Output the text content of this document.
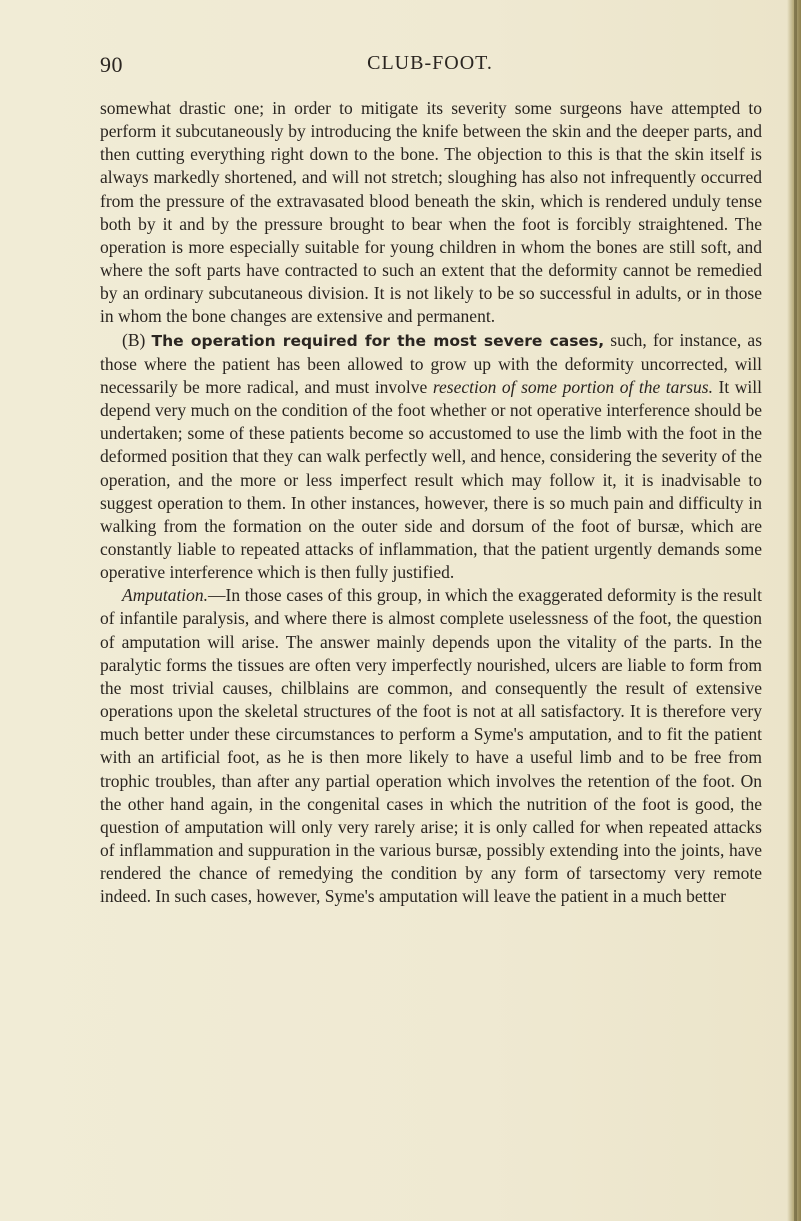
90	CLUB-FOOT.

somewhat drastic one; in order to mitigate its severity some surgeons have attempted to perform it subcutaneously by introducing the knife between the skin and the deeper parts, and then cutting everything right down to the bone. The objection to this is that the skin itself is always markedly shortened, and will not stretch; sloughing has also not infrequently occurred from the pressure of the extravasated blood beneath the skin, which is rendered unduly tense both by it and by the pressure brought to bear when the foot is forcibly straightened. The operation is more especially suitable for young children in whom the bones are still soft, and where the soft parts have contracted to such an extent that the deformity cannot be remedied by an ordinary subcutaneous division. It is not likely to be so successful in adults, or in those in whom the bone changes are extensive and permanent.

(B) The operation required for the most severe cases, such, for instance, as those where the patient has been allowed to grow up with the deformity uncorrected, will necessarily be more radical, and must involve resection of some portion of the tarsus. It will depend very much on the condition of the foot whether or not operative interference should be undertaken; some of these patients become so accustomed to use the limb with the foot in the deformed position that they can walk perfectly well, and hence, considering the severity of the operation, and the more or less imperfect result which may follow it, it is inadvisable to suggest operation to them. In other instances, however, there is so much pain and difficulty in walking from the formation on the outer side and dorsum of the foot of bursæ, which are constantly liable to repeated attacks of inflammation, that the patient urgently demands some operative interference which is then fully justified.

Amputation.—In those cases of this group, in which the exaggerated deformity is the result of infantile paralysis, and where there is almost complete uselessness of the foot, the question of amputation will arise. The answer mainly depends upon the vitality of the parts. In the paralytic forms the tissues are often very imperfectly nourished, ulcers are liable to form from the most trivial causes, chilblains are common, and consequently the result of extensive operations upon the skeletal structures of the foot is not at all satisfactory. It is therefore very much better under these circumstances to perform a Syme's amputation, and to fit the patient with an artificial foot, as he is then more likely to have a useful limb and to be free from trophic troubles, than after any partial operation which involves the retention of the foot. On the other hand again, in the congenital cases in which the nutrition of the foot is good, the question of amputation will only very rarely arise; it is only called for when repeated attacks of inflammation and suppuration in the various bursæ, possibly extending into the joints, have rendered the chance of remedying the condition by any form of tarsectomy very remote indeed. In such cases, however, Syme's amputation will leave the patient in a much better
